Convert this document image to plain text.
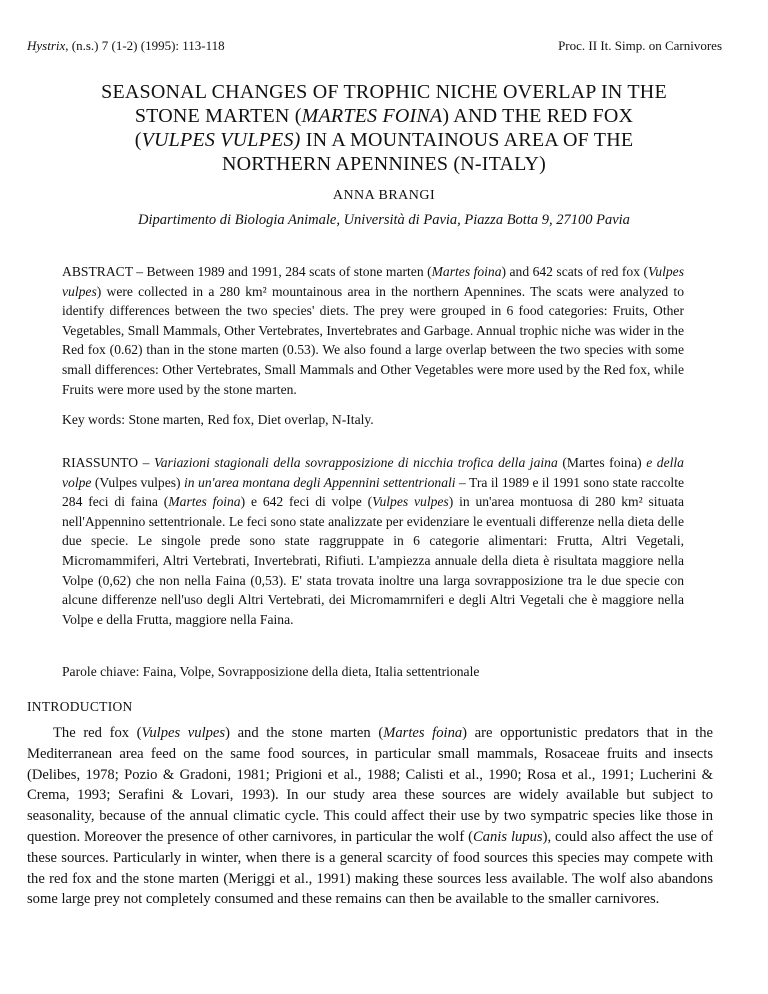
Hystrix, (n.s.) 7 (1-2) (1995): 113-118	Proc. II It. Simp. on Carnivores
SEASONAL CHANGES OF TROPHIC NICHE OVERLAP IN THE
STONE MARTEN (MARTES FOINA) AND THE RED FOX
(VULPES VULPES) IN A MOUNTAINOUS AREA OF THE
NORTHERN APENNINES (N-ITALY)
ANNA BRANGI
Dipartimento di Biologia Animale, Università di Pavia, Piazza Botta 9, 27100 Pavia
ABSTRACT – Between 1989 and 1991, 284 scats of stone marten (Martes foina) and 642 scats of red fox (Vulpes vulpes) were collected in a 280 km² mountainous area in the northern Apennines. The scats were analyzed to identify differences between the two species' diets. The prey were grouped in 6 food categories: Fruits, Other Vegetables, Small Mammals, Other Vertebrates, Invertebrates and Garbage. Annual trophic niche was wider in the Red fox (0.62) than in the stone marten (0.53). We also found a large overlap between the two species with some small differences: Other Vertebrates, Small Mammals and Other Vegetables were more used by the Red fox, while Fruits were more used by the stone marten.
Key words: Stone marten, Red fox, Diet overlap, N-Italy.
RIASSUNTO – Variazioni stagionali della sovrapposizione di nicchia trofica della jaina (Martes foina) e della volpe (Vulpes vulpes) in un'area montana degli Appennini settentrionali – Tra il 1989 e il 1991 sono state raccolte 284 feci di faina (Martes foina) e 642 feci di volpe (Vulpes vulpes) in un'area montuosa di 280 km² situata nell'Appennino settentrionale. Le feci sono state analizzate per evidenziare le eventuali differenze nella dieta delle due specie. Le singole prede sono state raggruppate in 6 categorie alimentari: Frutta, Altri Vegetali, Micromammiferi, Altri Vertebrati, Invertebrati, Rifiuti. L'ampiezza annuale della dieta è risultata maggiore nella Volpe (0,62) che non nella Faina (0,53). E' stata trovata inoltre una larga sovrapposizione tra le due specie con alcune differenze nell'uso degli Altri Vertebrati, dei Micromamrniferi e degli Altri Vegetali che è maggiore nella Volpe e della Frutta, maggiore nella Faina.
Parole chiave: Faina, Volpe, Sovrapposizione della dieta, Italia settentrionale
INTRODUCTION
The red fox (Vulpes vulpes) and the stone marten (Martes foina) are opportunistic predators that in the Mediterranean area feed on the same food sources, in particular small mammals, Rosaceae fruits and insects (Delibes, 1978; Pozio & Gradoni, 1981; Prigioni et al., 1988; Calisti et al., 1990; Rosa et al., 1991; Lucherini & Crema, 1993; Serafini & Lovari, 1993). In our study area these sources are widely available but subject to seasonality, because of the annual climatic cycle. This could affect their use by two sympatric species like those in question. Moreover the presence of other carnivores, in particular the wolf (Canis lupus), could also affect the use of these sources. Particularly in winter, when there is a general scarcity of food sources this species may compete with the red fox and the stone marten (Meriggi et al., 1991) making these sources less available. The wolf also abandons some large prey not completely consumed and these remains can then be available to the smaller carnivores.
